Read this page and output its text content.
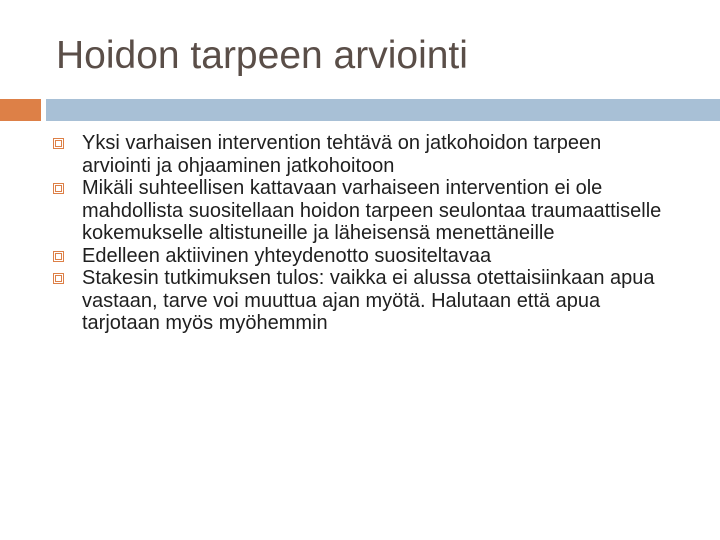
Hoidon tarpeen arviointi
Yksi varhaisen intervention tehtävä on jatkohoidon tarpeen arviointi ja ohjaaminen jatkohoitoon
Mikäli suhteellisen kattavaan varhaiseen intervention ei ole mahdollista suositellaan hoidon tarpeen seulontaa traumaattiselle kokemukselle altistuneille ja läheisensä menettäneille
Edelleen aktiivinen yhteydenotto suositeltavaa
Stakesin tutkimuksen tulos: vaikka ei alussa otettaisiinkaan apua vastaan, tarve voi muuttua ajan myötä. Halutaan että apua tarjotaan myös myöhemmin
